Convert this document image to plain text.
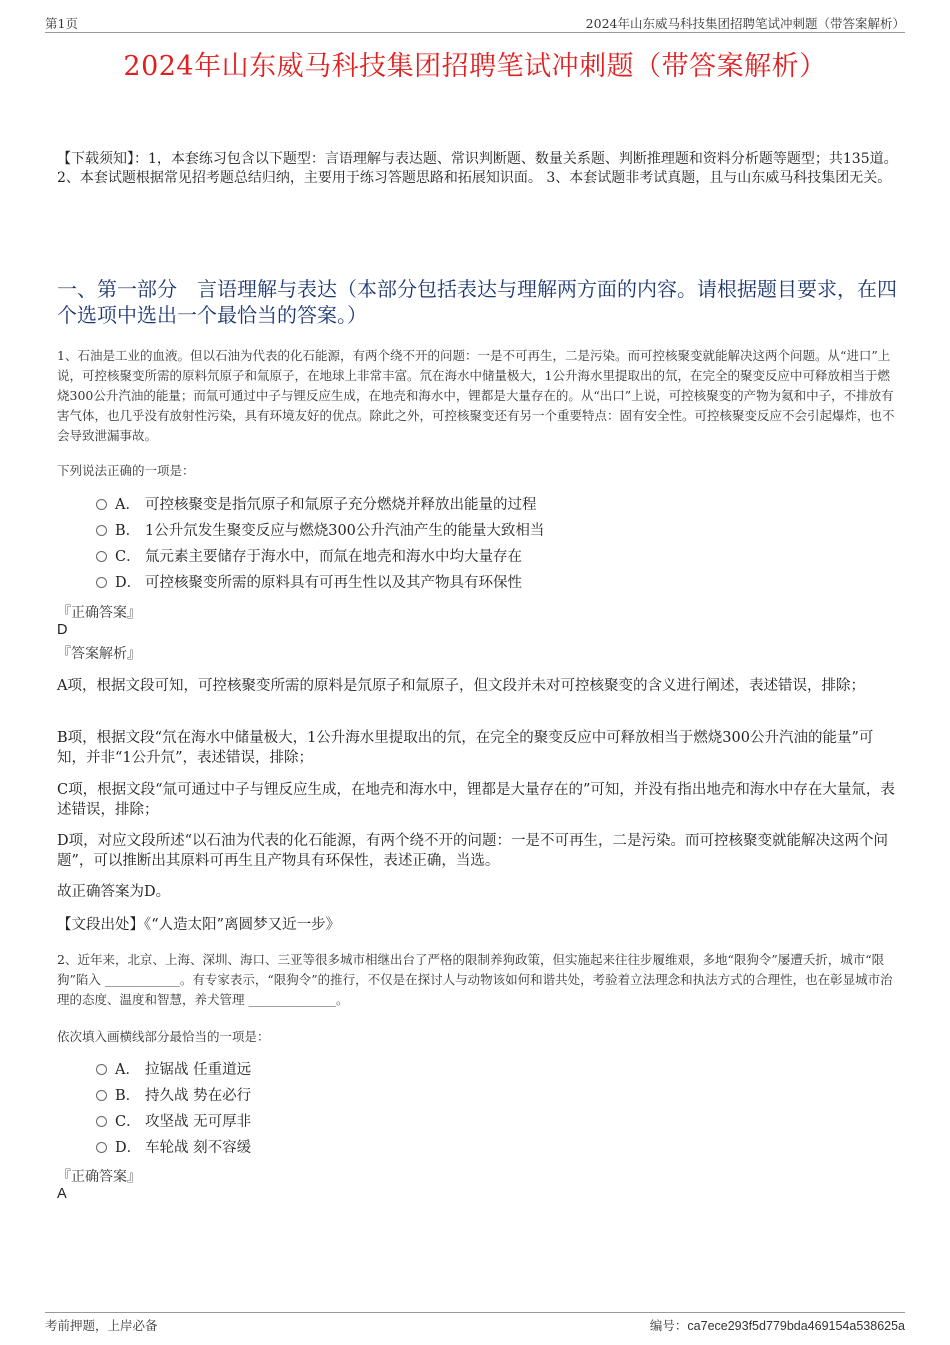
第1页	2024年山东威马科技集团招聘笔试冲刺题（带答案解析）
2024年山东威马科技集团招聘笔试冲刺题（带答案解析）

【下载须知】：1，本套练习包含以下题型：言语理解与表达题、常识判断题、数量关系题、判断推理题和资料分析题等题型；共135道。 2、本套试题根据常见招考题总结归纳，主要用于练习答题思路和拓展知识面。 3、本套试题非考试真题，且与山东威马科技集团无关。

一、第一部分　言语理解与表达（本部分包括表达与理解两方面的内容。请根据题目要求，在四个选项中选出一个最恰当的答案。）

1、石油是工业的血液。但以石油为代表的化石能源，有两个绕不开的问题：一是不可再生，二是污染。而可控核聚变就能解决这两个问题。从“进口”上说，可控核聚变所需的原料氘原子和氚原子，在地球上非常丰富。氘在海水中储量极大，1公升海水里提取出的氘，在完全的聚变反应中可释放相当于燃烧300公升汽油的能量；而氚可通过中子与锂反应生成，在地壳和海水中，锂都是大量存在的。从“出口”上说，可控核聚变的产物为氦和中子，不排放有害气体，也几乎没有放射性污染，具有环境友好的优点。除此之外，可控核聚变还有另一个重要特点：固有安全性。可控核聚变反应不会引起爆炸，也不会导致泄漏事故。

下列说法正确的一项是：

A． 可控核聚变是指氘原子和氚原子充分燃烧并释放出能量的过程
B． 1公升氘发生聚变反应与燃烧300公升汽油产生的能量大致相当
C． 氚元素主要储存于海水中，而氚在地壳和海水中均大量存在
D． 可控核聚变所需的原料具有可再生性以及其产物具有环保性

『正确答案』

D

『答案解析』

A项，根据文段可知，可控核聚变所需的原料是氘原子和氚原子，但文段并未对可控核聚变的含义进行阐述，表述错误，排除；

B项，根据文段“氘在海水中储量极大，1公升海水里提取出的氘，在完全的聚变反应中可释放相当于燃烧300公升汽油的能量”可知，并非“1公升氘”，表述错误，排除；

C项，根据文段“氚可通过中子与锂反应生成，在地壳和海水中，锂都是大量存在的”可知，并没有指出地壳和海水中存在大量氚，表述错误，排除；

D项，对应文段所述“以石油为代表的化石能源，有两个绕不开的问题：一是不可再生，二是污染。而可控核聚变就能解决这两个问题”，可以推断出其原料可再生且产物具有环保性，表述正确，当选。

故正确答案为D。

【文段出处】《“人造太阳”离圆梦又近一步》

2、近年来，北京、上海、深圳、海口、三亚等很多城市相继出台了严格的限制养狗政策，但实施起来往往步履维艰，多地“限狗令”屡遭夭折，城市“限狗”陷入 ____________。有专家表示，“限狗令”的推行，不仅是在探讨人与动物该如何和谐共处，考验着立法理念和执法方式的合理性，也在彰显城市治理的态度、温度和智慧，养犬管理 ______________。

依次填入画横线部分最恰当的一项是：

A． 拉锯战 任重道远
B． 持久战 势在必行
C． 攻坚战 无可厚非
D． 车轮战 刻不容缓

『正确答案』

A

考前押题，上岸必备	编号：ca7ece293f5d779bda469154a538625a
